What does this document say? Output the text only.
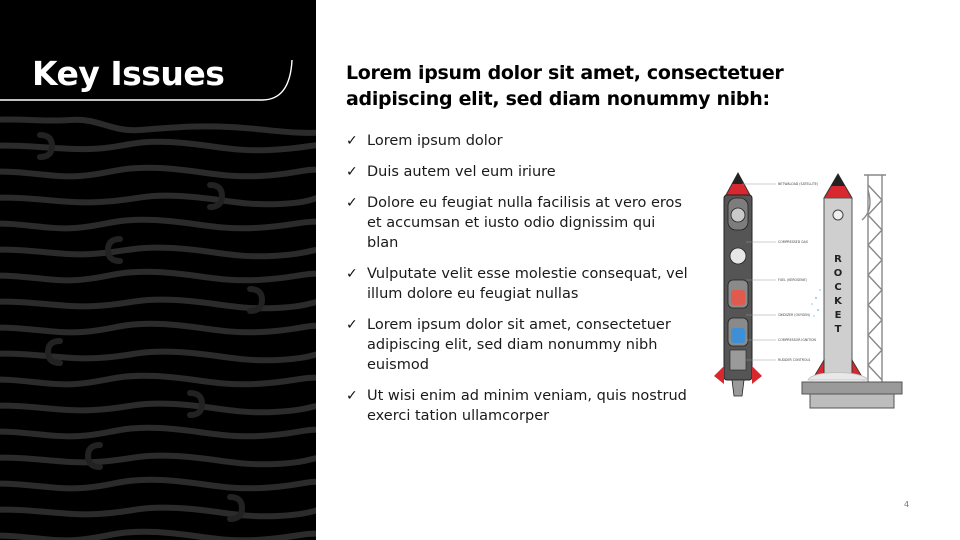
Key Issues	Lorem ipsum dolor sit amet, consectetuer adipiscing elit, sed diam nonummy nibh:
✓ Lorem ipsum dolor
✓ Duis autem vel eum iriure
✓ Dolore eu feugiat nulla facilisis at vero eros et accumsan et iusto odio dignissim qui blan
✓ Vulputate velit esse molestie consequat, vel illum dolore eu feugiat nullas
✓ Lorem ipsum dolor sit amet, consectetuer adipiscing elit, sed diam nonummy nibh euismod
✓ Ut wisi enim ad minim veniam, quis nostrud exerci tation ullamcorper
NETWALOAD (SATELLITE)
COMPRESSED GAS
FUEL (KEROSENE)
OXIDIZER (OXYGEN)
COMPRESSOR IGNITION
RUDDER CONTROLS
R
O
C
K
E
T
4
